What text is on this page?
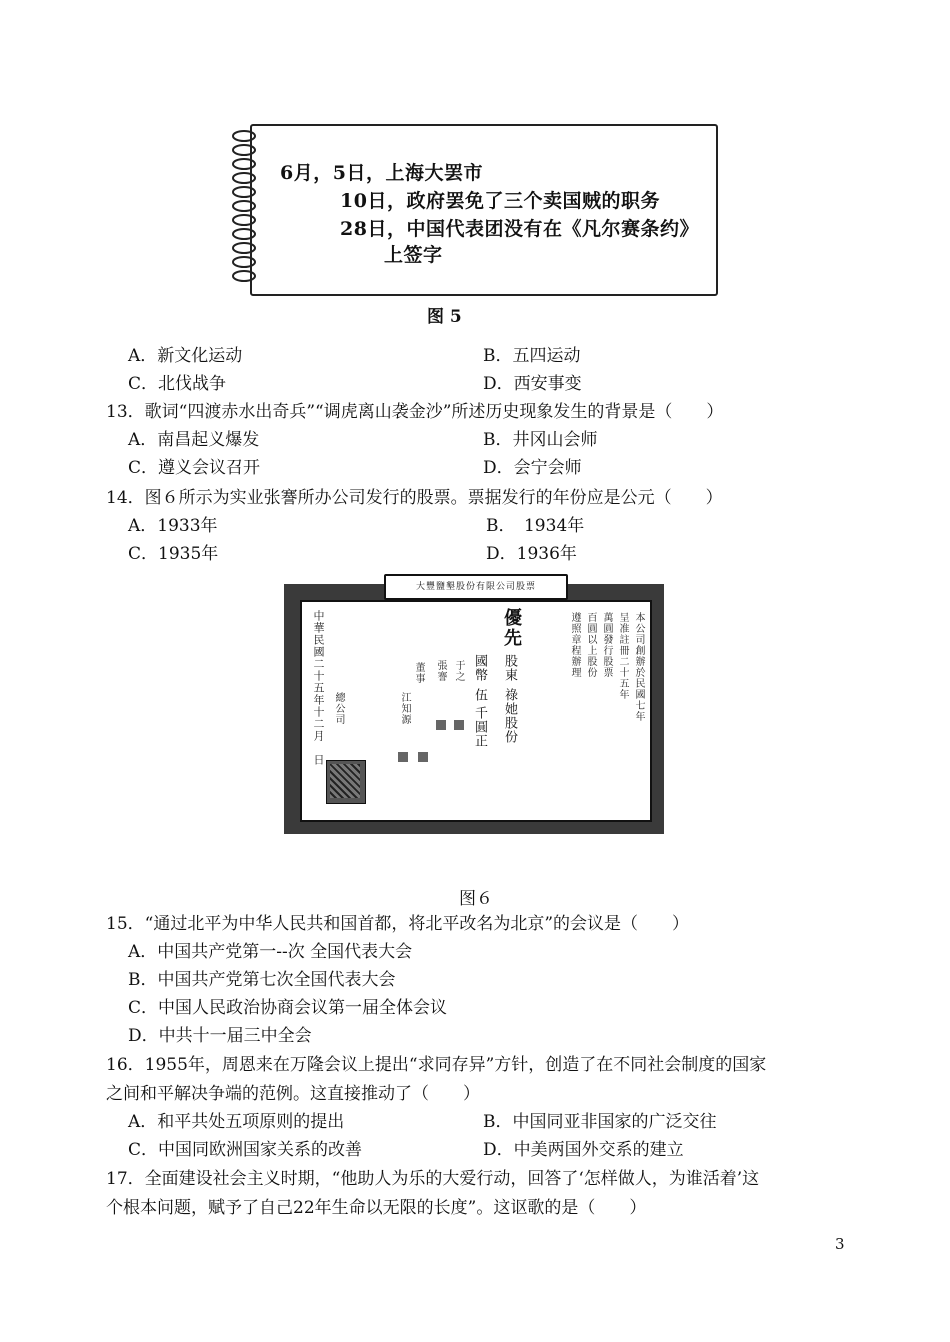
6月，5日，上海大罢市
10日，政府罢免了三个卖国贼的职务
28日，中国代表团没有在《凡尔赛条约》
上签字
图 5
A．新文化运动	B．五四运动
C．北伐战争	D．西安事变
13．歌词“四渡赤水出奇兵”“调虎离山袭金沙”所述历史现象发生的背景是（　　）
A．南昌起义爆发	B．井冈山会师
C．遵义会议召开	D．会宁会师
14．图６所示为实业张謇所办公司发行的股票。票据发行的年份应是公元（　　）
A．1933年	B．　1934年
C．1935年	D．1936年
大豐鹽墾股份有限公司股票
本公司創辦於民國七年
呈准註冊二十五年
萬圓發行股票
百圓以上股份
遵照章程辦理
優先
股東
祿她股份
國幣
伍
千圓正
董事 張謇 于之
江知源
中華民國二十五年十二月　日 總公司
图６
15．“通过北平为中华人民共和国首都，将北平改名为北京”的会议是（　　）
A．中国共产党第一--次 全国代表大会
B．中国共产党第七次全国代表大会
C．中国人民政治协商会议第一届全体会议
D．中共十一届三中全会
16．1955年，周恩来在万隆会议上提出“求同存异”方针，创造了在不同社会制度的国家
之间和平解决争端的范例。这直接推动了（　　）
A．和平共处五项原则的提出	B．中国同亚非国家的广泛交往
C．中国同欧洲国家关系的改善	D．中美两国外交系的建立
17．全面建设社会主义时期，“他助人为乐的大爱行动，回答了‘怎样做人，为谁活着’这
个根本问题，赋予了自己22年生命以无限的长度”。这讴歌的是（　　）
3
